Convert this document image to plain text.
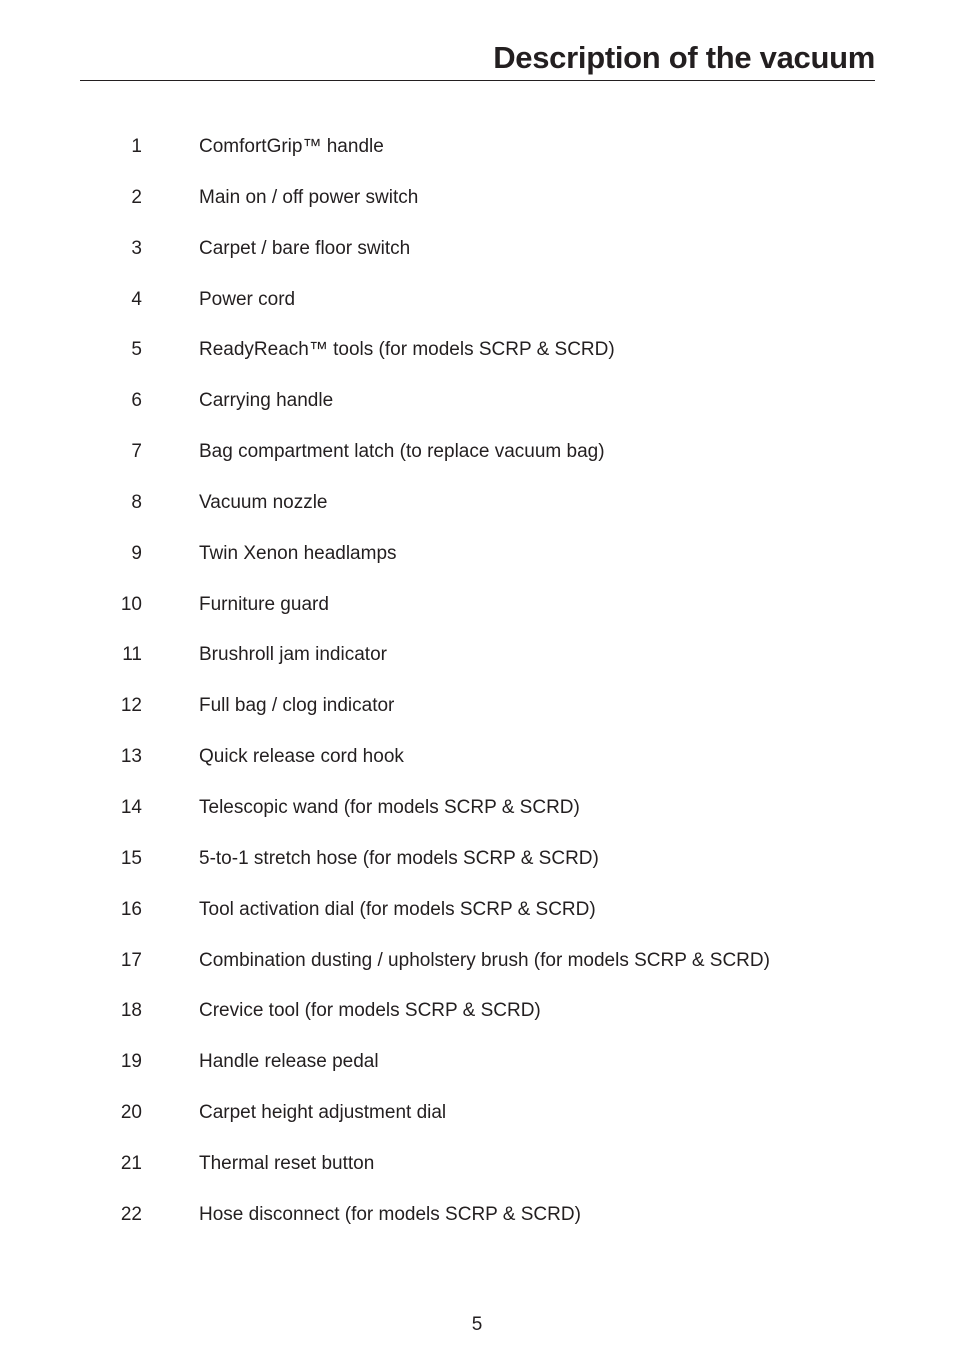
Description of the vacuum
1	ComfortGrip™ handle
2	Main on / off power switch
3	Carpet / bare floor switch
4	Power cord
5	ReadyReach™ tools (for models SCRP & SCRD)
6	Carrying handle
7	Bag compartment latch (to replace vacuum bag)
8	Vacuum nozzle
9	Twin Xenon headlamps
10	Furniture guard
11	Brushroll jam indicator
12	Full bag / clog indicator
13	Quick release cord hook
14	Telescopic wand (for models SCRP & SCRD)
15	5-to-1 stretch hose (for models SCRP & SCRD)
16	Tool activation dial (for models SCRP & SCRD)
17	Combination dusting / upholstery brush (for models SCRP & SCRD)
18	Crevice tool (for models SCRP & SCRD)
19	Handle release pedal
20	Carpet height adjustment dial
21	Thermal reset button
22	Hose disconnect (for models SCRP & SCRD)
5
